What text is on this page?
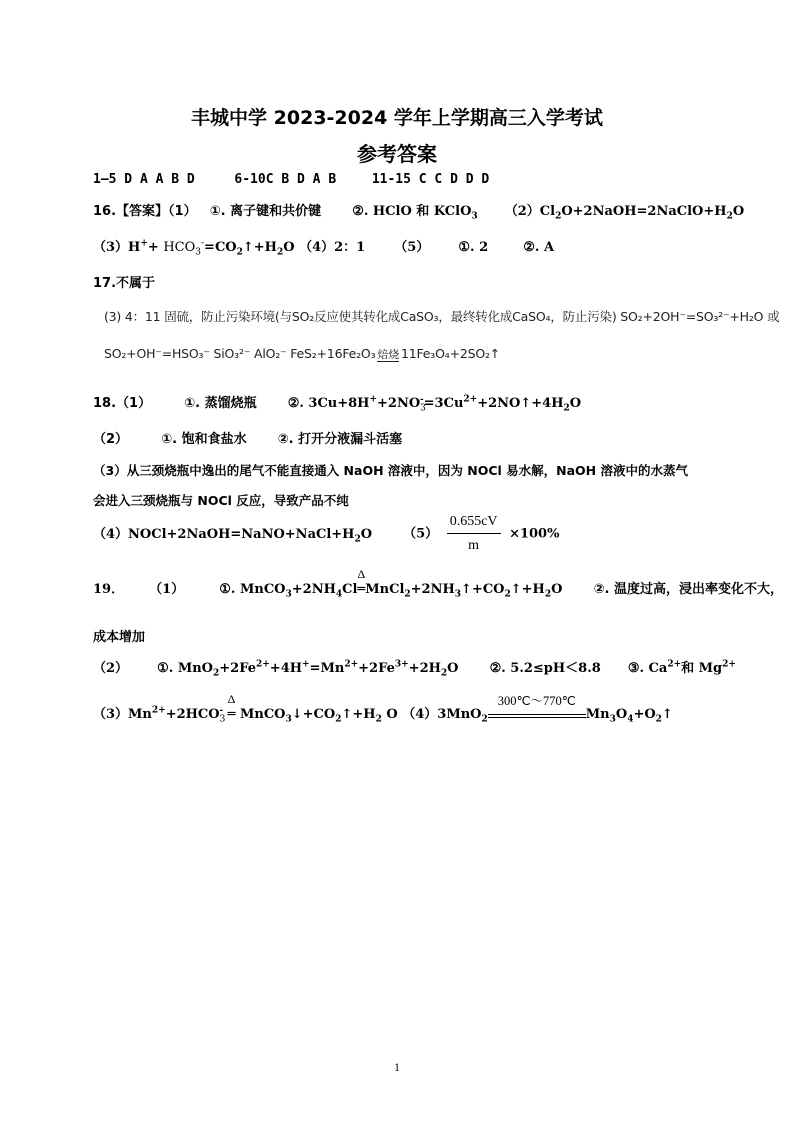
丰城中学 2023-2024 学年上学期高三入学考试
参考答案
1—5 D A A B D	6-10C B D A B	11-15 C C D D D
16.【答案】（1） ①. 离子键和共价键 ②. HClO 和 KClO$_3$ $(2)Cl_2O+2NaOH=2NaClO+H_2O$
$(3)H^++ HCO_3^-=CO_2↑+H_2O$ （4）2：1 （5） ①. 2	②. A
17.不属于
(3) 4：11 固硫，防止污染环境(与SO₂反应使其转化成CaSO₃，最终转化成CaSO₄，防止污染) SO₂+2OH⁻=SO₃²⁻+H₂O 或
SO₂+OH⁻=HSO₃⁻ SiO₃²⁻ AlO₂⁻ FeS₂+16Fe₂O₃ 焙烧 11Fe₃O₄+2SO₂↑
18.（1）	①. 蒸馏烧瓶 ②. $3Cu+8H^++2NO_3^-=3Cu^{2+}+2NO↑+4H_2O$
（2）	①. 饱和食盐水 ②. 打开分液漏斗活塞
（3）从三颈烧瓶中逸出的尾气不能直接通入 NaOH 溶液中，因为 NOCl 易水解，NaOH 溶液中的水蒸气
会进入三颈烧瓶与 NOCl 反应，导致产品不纯
$(4)NOCl+2NaOH=NaNO+NaCl+H_2O$ $(5) \frac{0.655cV}{m} \times 100\%$
19． （1）	①. $MnCO_3+2NH_4Cl$
Δ
$═MnCl_2+2NH_3↑+CO_2↑+H_2O$ ②. 温度过高，浸出率变化不大，
成本增加
（2） ①. $MnO_2+2Fe^{2+}+4H^+=Mn^{2+}+2Fe^{3+}+2H_2O$ ②. 5.2≤pH＜8.8 ③. $Ca^{2+}$和 $Mg^{2+}$
$(3)Mn^{2+}+2HCO_3^-$
Δ
═ $MnCO_3↓+CO_2↑+H_2$ O （4）3MnO$_2$
300℃～770℃
$Mn_3O_4+O_2↑$
1
